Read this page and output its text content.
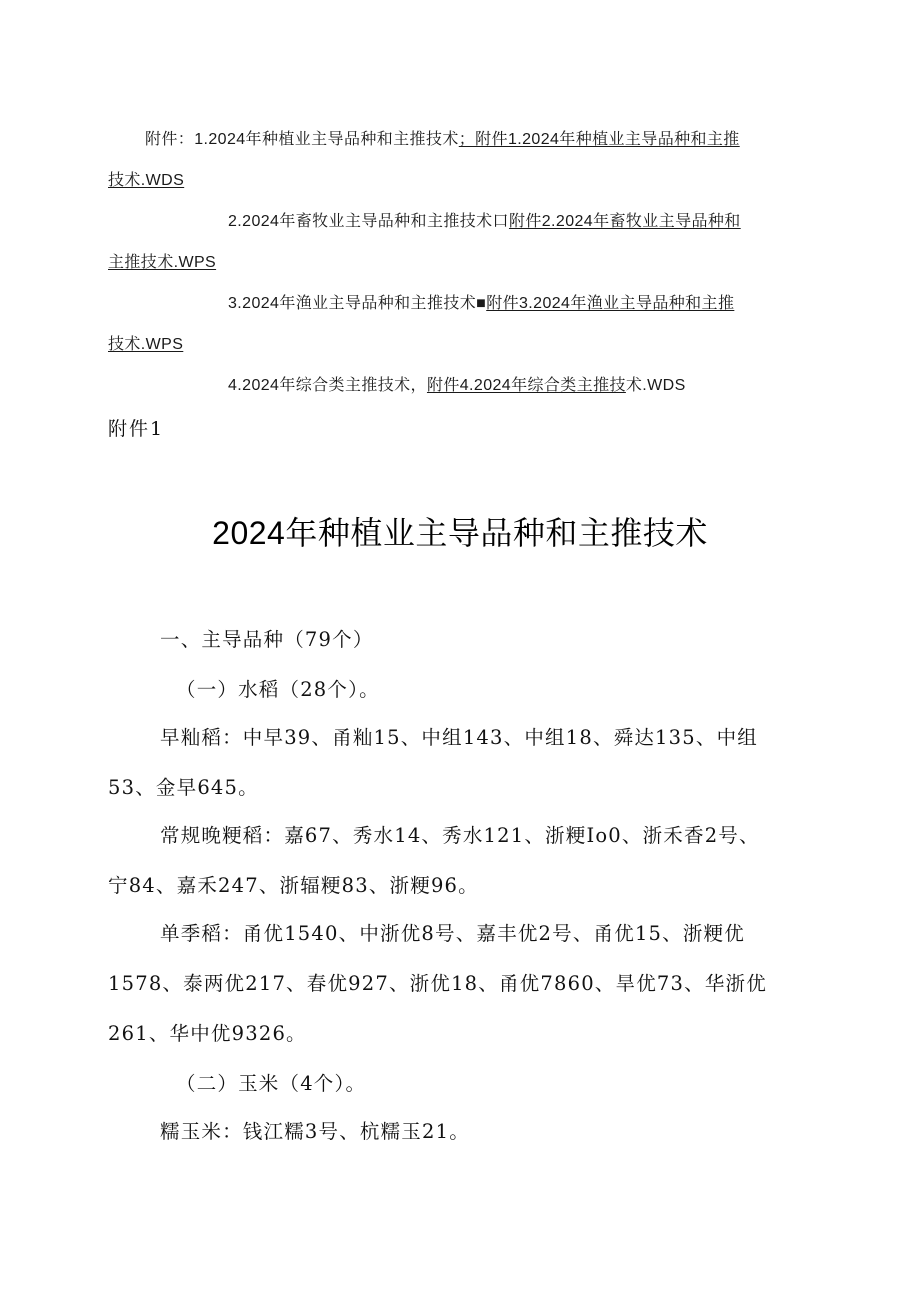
附件：1.2024年种植业主导品种和主推技术；附件1.2024年种植业主导品种和主推
技术.WDS
2.2024年畜牧业主导品种和主推技术口附件2.2024年畜牧业主导品种和
主推技术.WPS
3.2024年渔业主导品种和主推技术■附件3.2024年渔业主导品种和主推
技术.WPS
4.2024年综合类主推技术，附件4.2024年综合类主推技术.WDS
附件1
2024年种植业主导品种和主推技术
一、主导品种（79个）
（一）水稻（28个）。
早籼稻：中早39、甬籼15、中组143、中组18、舜达135、中组
53、金早645。
常规晚粳稻：嘉67、秀水14、秀水121、浙粳Io0、浙禾香2号、
宁84、嘉禾247、浙辐粳83、浙粳96。
单季稻：甬优1540、中浙优8号、嘉丰优2号、甬优15、浙粳优
1578、泰两优217、春优927、浙优18、甬优7860、旱优73、华浙优
261、华中优9326。
（二）玉米（4个）。
糯玉米：钱江糯3号、杭糯玉21。
